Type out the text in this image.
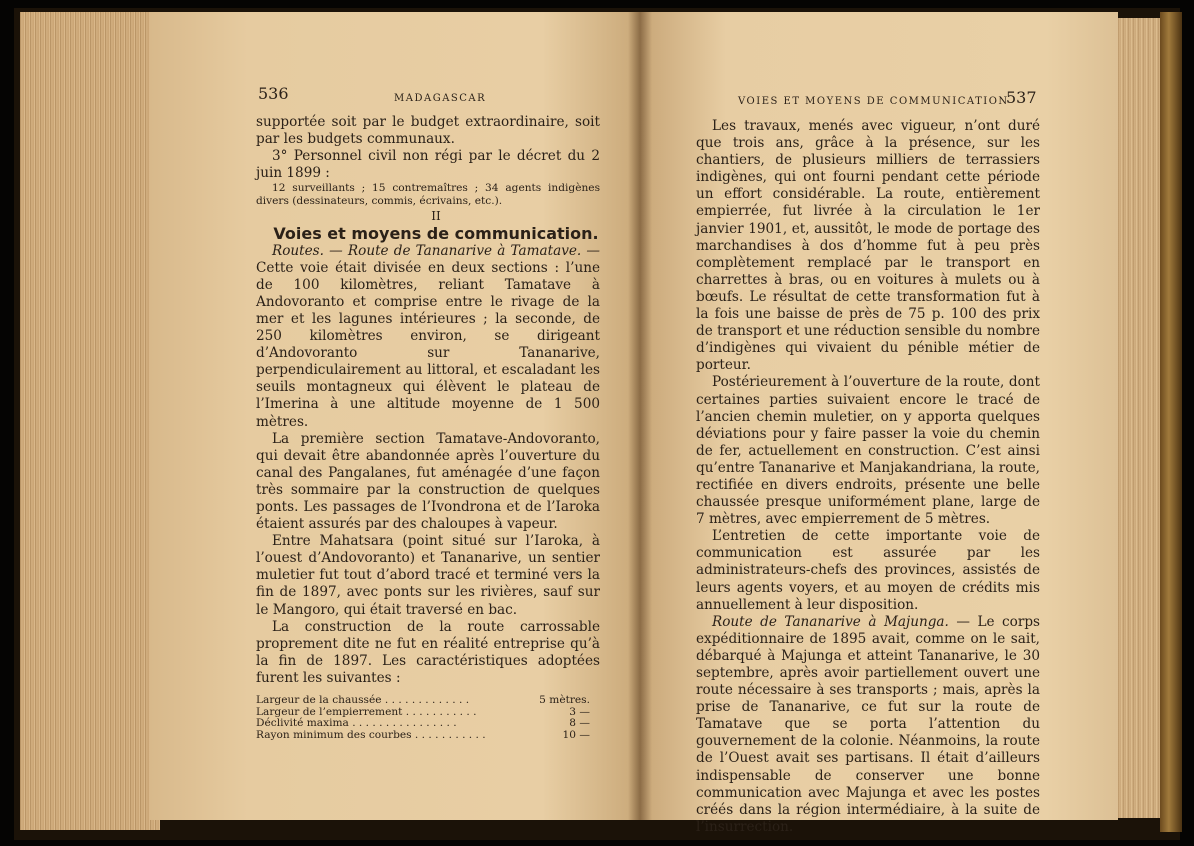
536	MADAGASCAR

supportée soit par le budget extraordinaire, soit par les budgets communaux.

3° Personnel civil non régi par le décret du 2 juin 1899 :

12 surveillants ; 15 contremaîtres ; 34 agents indigènes divers (dessinateurs, commis, écrivains, etc.).

II

Voies et moyens de communication.

Routes. — Route de Tananarive à Tamatave. — Cette voie était divisée en deux sections : l’une de 100 kilomètres, reliant Tamatave à Andovoranto et comprise entre le rivage de la mer et les lagunes intérieures ; la seconde, de 250 kilomètres environ, se dirigeant d’Andovoranto sur Tananarive, perpendiculairement au littoral, et escaladant les seuils montagneux qui élèvent le plateau de l’Imerina à une altitude moyenne de 1 500 mètres.

La première section Tamatave-Andovoranto, qui devait être abandonnée après l’ouverture du canal des Pangalanes, fut aménagée d’une façon très sommaire par la construction de quelques ponts. Les passages de l’Ivondrona et de l’Iaroka étaient assurés par des chaloupes à vapeur.

Entre Mahatsara (point situé sur l’Iaroka, à l’ouest d’Andovoranto) et Tananarive, un sentier muletier fut tout d’abord tracé et terminé vers la fin de 1897, avec ponts sur les rivières, sauf sur le Mangoro, qui était traversé en bac.

La construction de la route carrossable proprement dite ne fut en réalité entreprise qu’à la fin de 1897. Les caractéristiques adoptées furent les suivantes :

Largeur de la chaussée . . . . . . . . . . . . .	5 mètres.
Largeur de l’empierrement . . . . . . . . . . .	3 —
Déclivité maxima . . . . . . . . . . . . . . . .	8 —
Rayon minimum des courbes . . . . . . . . . . .	10 —
VOIES ET MOYENS DE COMMUNICATION
537

Les travaux, menés avec vigueur, n’ont duré que trois ans, grâce à la présence, sur les chantiers, de plusieurs milliers de terrassiers indigènes, qui ont fourni pendant cette période un effort considérable. La route, entièrement empierrée, fut livrée à la circulation le 1er janvier 1901, et, aussitôt, le mode de portage des marchandises à dos d’homme fut à peu près complètement remplacé par le transport en charrettes à bras, ou en voitures à mulets ou à bœufs. Le résultat de cette transformation fut à la fois une baisse de près de 75 p. 100 des prix de transport et une réduction sensible du nombre d’indigènes qui vivaient du pénible métier de porteur.

Postérieurement à l’ouverture de la route, dont certaines parties suivaient encore le tracé de l’ancien chemin muletier, on y apporta quelques déviations pour y faire passer la voie du chemin de fer, actuellement en construction. C’est ainsi qu’entre Tananarive et Manjakandriana, la route, rectifiée en divers endroits, présente une belle chaussée presque uniformément plane, large de 7 mètres, avec empierrement de 5 mètres.

L’entretien de cette importante voie de communication est assurée par les administrateurs-chefs des provinces, assistés de leurs agents voyers, et au moyen de crédits mis annuellement à leur disposition.

Route de Tananarive à Majunga. — Le corps expéditionnaire de 1895 avait, comme on le sait, débarqué à Majunga et atteint Tananarive, le 30 septembre, après avoir partiellement ouvert une route nécessaire à ses transports ; mais, après la prise de Tananarive, ce fut sur la route de Tamatave que se porta l’attention du gouvernement de la colonie. Néanmoins, la route de l’Ouest avait ses partisans. Il était d’ailleurs indispensable de conserver une bonne communication avec Majunga et avec les postes créés dans la région intermédiaire, à la suite de l’insurrection.
